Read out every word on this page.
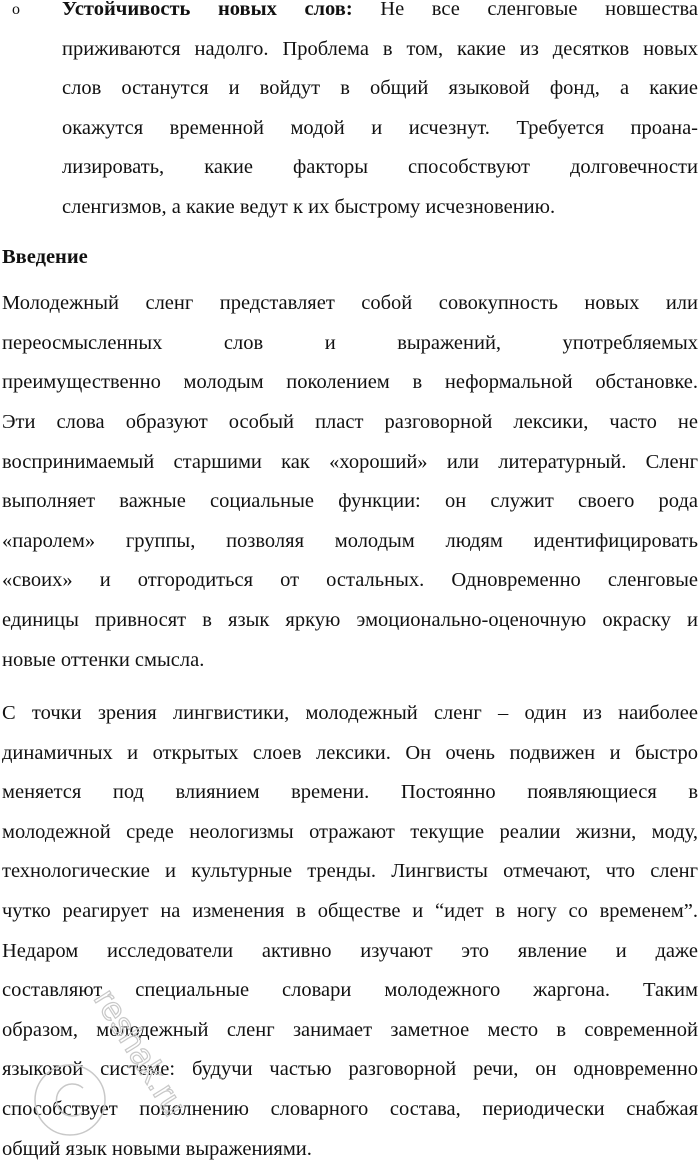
o Устойчивость новых слов: Не все сленговые новшества
приживаются надолго. Проблема в том, какие из десятков новых
слов останутся и войдут в общий языковой фонд, а какие
окажутся временной модой и исчезнут. Требуется проана-
лизировать, какие факторы способствуют долговечности
сленгизмов, а какие ведут к их быстрому исчезновению.
Введение
Молодежный сленг представляет собой совокупность новых или
переосмысленных слов и выражений, употребляемых
преимущественно молодым поколением в неформальной обстановке.
Эти слова образуют особый пласт разговорной лексики, часто не
воспринимаемый старшими как «хороший» или литературный. Сленг
выполняет важные социальные функции: он служит своего рода
«паролем» группы, позволяя молодым людям идентифицировать
«своих» и отгородиться от остальных. Одновременно сленговые
единицы привносят в язык яркую эмоционально-оценочную окраску и
новые оттенки смысла.
С точки зрения лингвистики, молодежный сленг – один из наиболее
динамичных и открытых слоев лексики. Он очень подвижен и быстро
меняется под влиянием времени. Постоянно появляющиеся в
молодежной среде неологизмы отражают текущие реалии жизни, моду,
технологические и культурные тренды. Лингвисты отмечают, что сленг
чутко реагирует на изменения в обществе и “идет в ногу со временем”.
Недаром исследователи активно изучают это явление и даже
составляют специальные словари молодежного жаргона. Таким
образом, молодежный сленг занимает заметное место в современной
языковой системе: будучи частью разговорной речи, он одновременно
способствует пополнению словарного состава, периодически снабжая
общий язык новыми выражениями.
reshak.ru
